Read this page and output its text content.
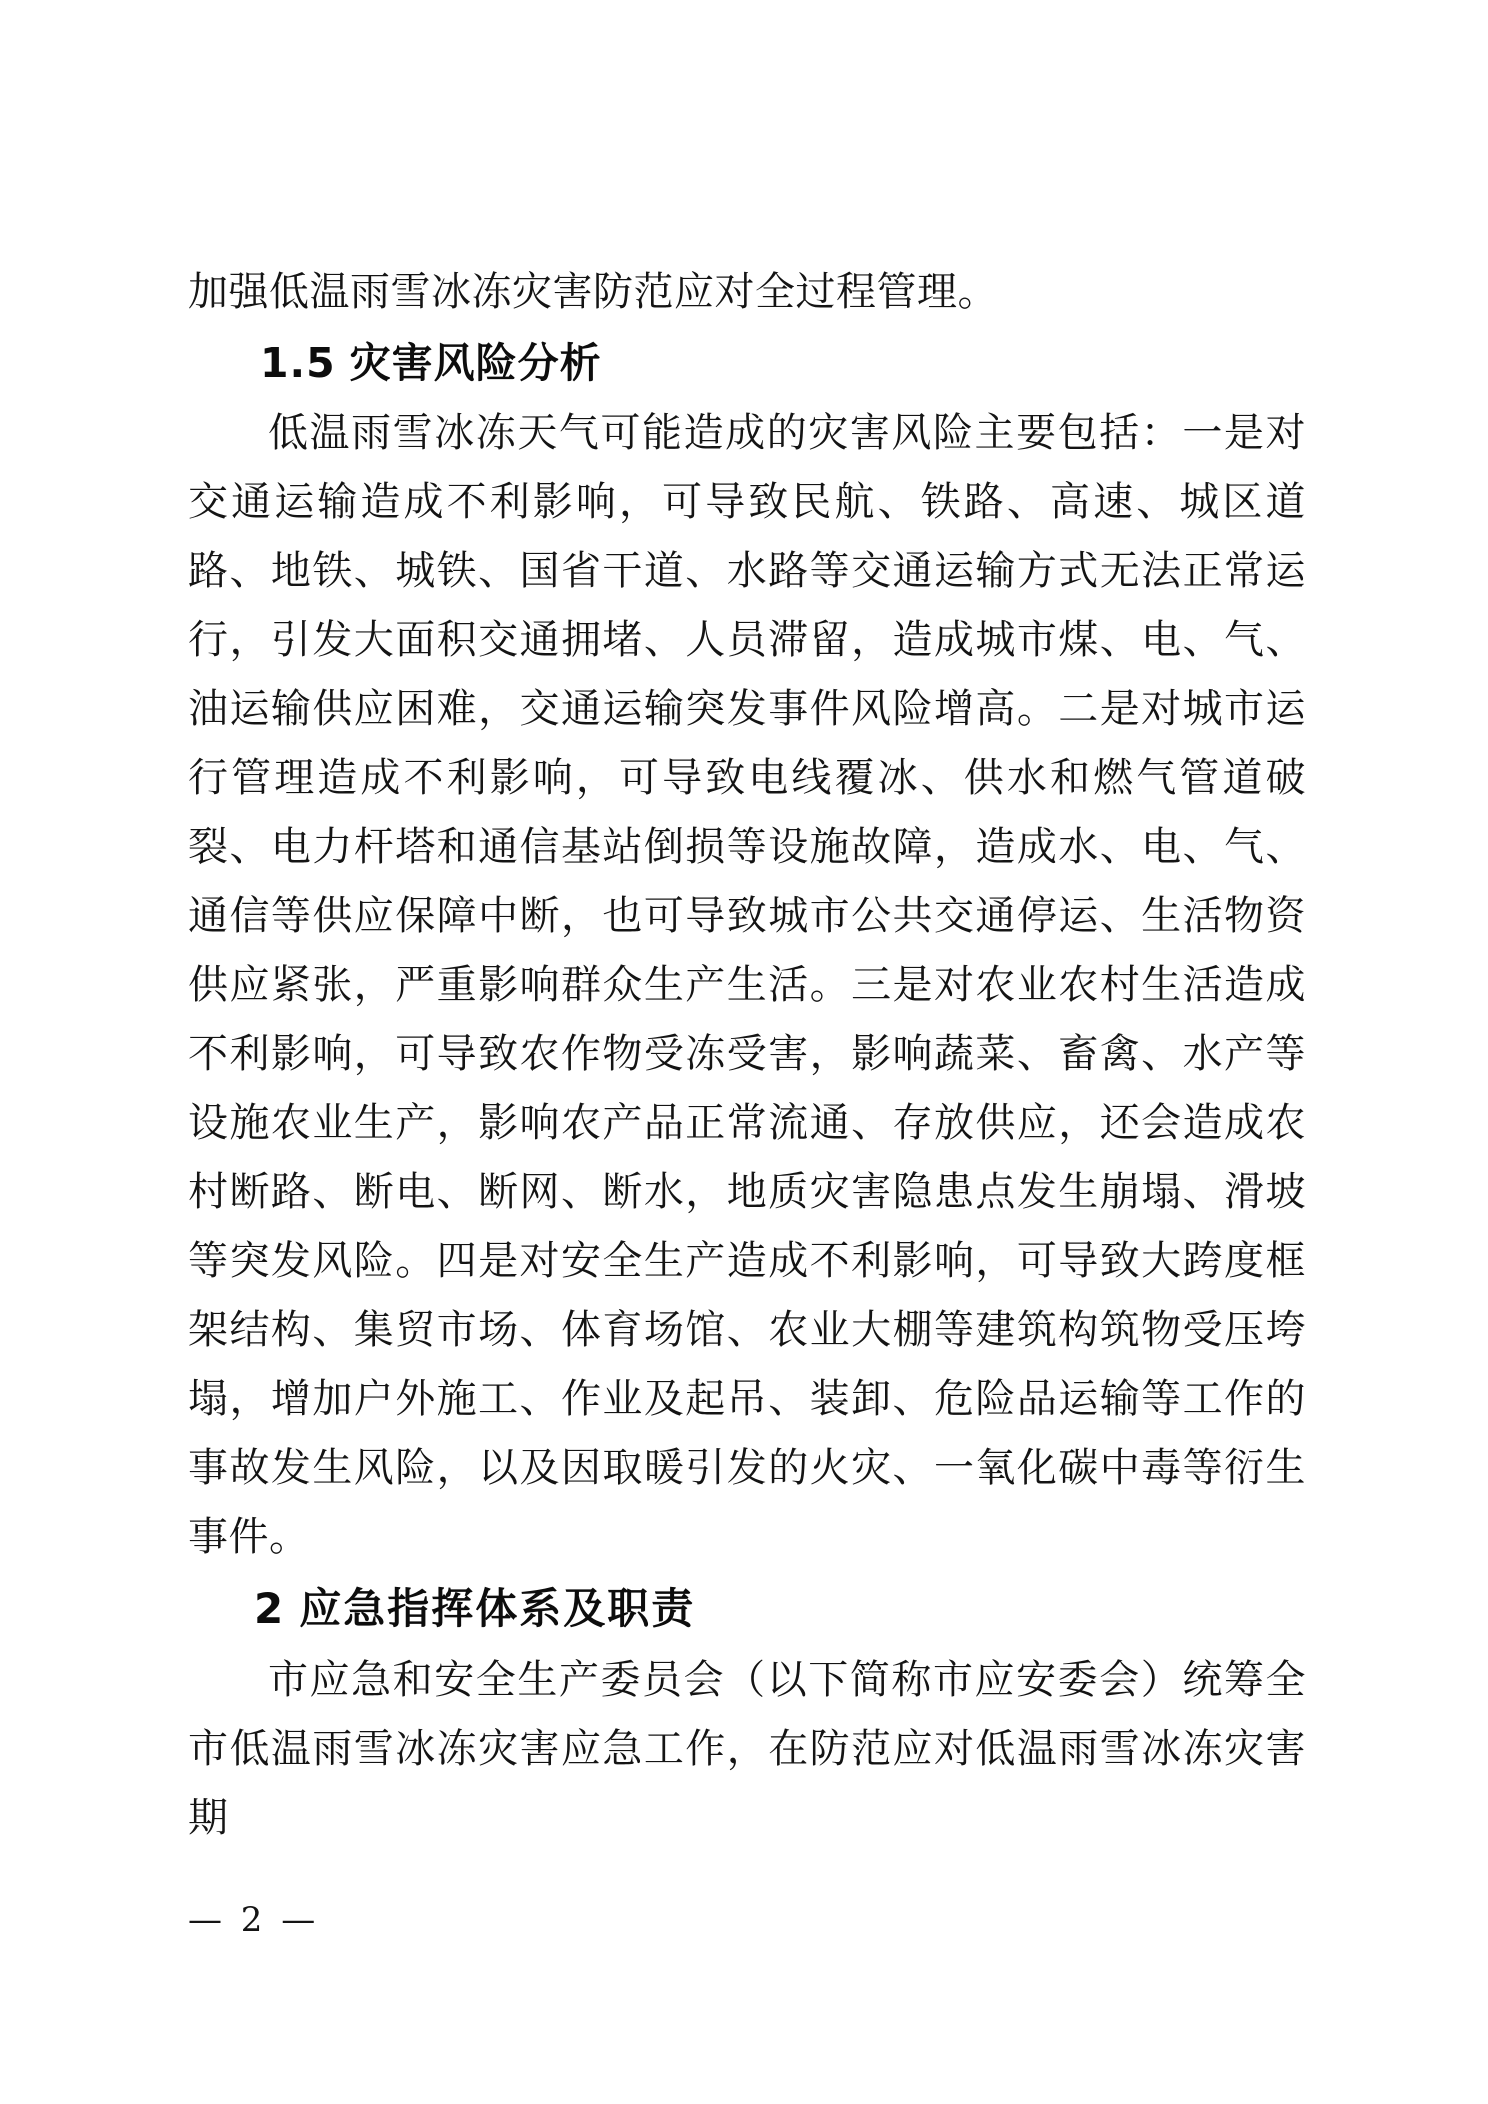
加强低温雨雪冰冻灾害防范应对全过程管理。

1.5 灾害风险分析

低温雨雪冰冻天气可能造成的灾害风险主要包括：一是对交通运输造成不利影响，可导致民航、铁路、高速、城区道路、地铁、城铁、国省干道、水路等交通运输方式无法正常运行，引发大面积交通拥堵、人员滞留，造成城市煤、电、气、油运输供应困难，交通运输突发事件风险增高。二是对城市运行管理造成不利影响，可导致电线覆冰、供水和燃气管道破裂、电力杆塔和通信基站倒损等设施故障，造成水、电、气、通信等供应保障中断，也可导致城市公共交通停运、生活物资供应紧张，严重影响群众生产生活。三是对农业农村生活造成不利影响，可导致农作物受冻受害，影响蔬菜、畜禽、水产等设施农业生产，影响农产品正常流通、存放供应，还会造成农村断路、断电、断网、断水，地质灾害隐患点发生崩塌、滑坡等突发风险。四是对安全生产造成不利影响，可导致大跨度框架结构、集贸市场、体育场馆、农业大棚等建筑构筑物受压垮塌，增加户外施工、作业及起吊、装卸、危险品运输等工作的事故发生风险，以及因取暖引发的火灾、一氧化碳中毒等衍生事件。

2 应急指挥体系及职责

市应急和安全生产委员会（以下简称市应安委会）统筹全市低温雨雪冰冻灾害应急工作，在防范应对低温雨雪冰冻灾害期

— 2 —
